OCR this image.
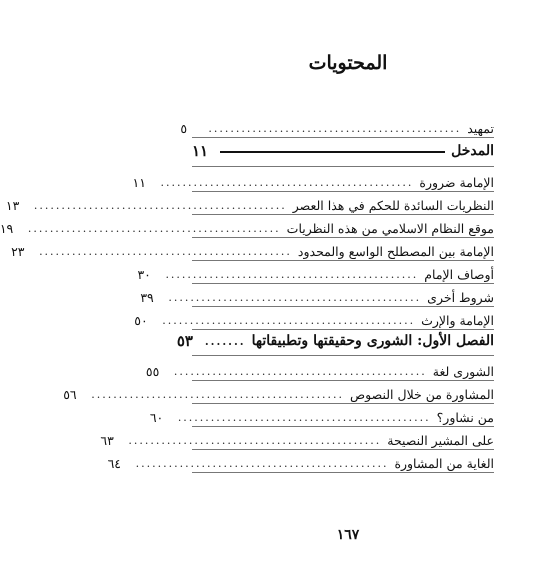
المحتويات
تمهيد
..............................................
٥
المدخل
١١
الإمامة ضرورة
..............................................
١١
النظريات السائدة للحكم في هذا العصر
..............................................
١٣
موقع النظام الاسلامي من هذه النظريات
..............................................
١٩
الإمامة بين المصطلح الواسع والمحدود
..............................................
٢٣
أوصاف الإمام
..............................................
٣٠
شروط أخرى
..............................................
٣٩
الإمامة والإرث
..............................................
٥٠
الفصل الأول: الشورى وحقيقتها وتطبيقاتها
.......
٥٣
الشورى لغة
..............................................
٥٥
المشاورة من خلال النصوص
..............................................
٥٦
من نشاور؟
..............................................
٦٠
على المشير النصيحة
..............................................
٦٣
الغاية من المشاورة
..............................................
٦٤
١٦٧
